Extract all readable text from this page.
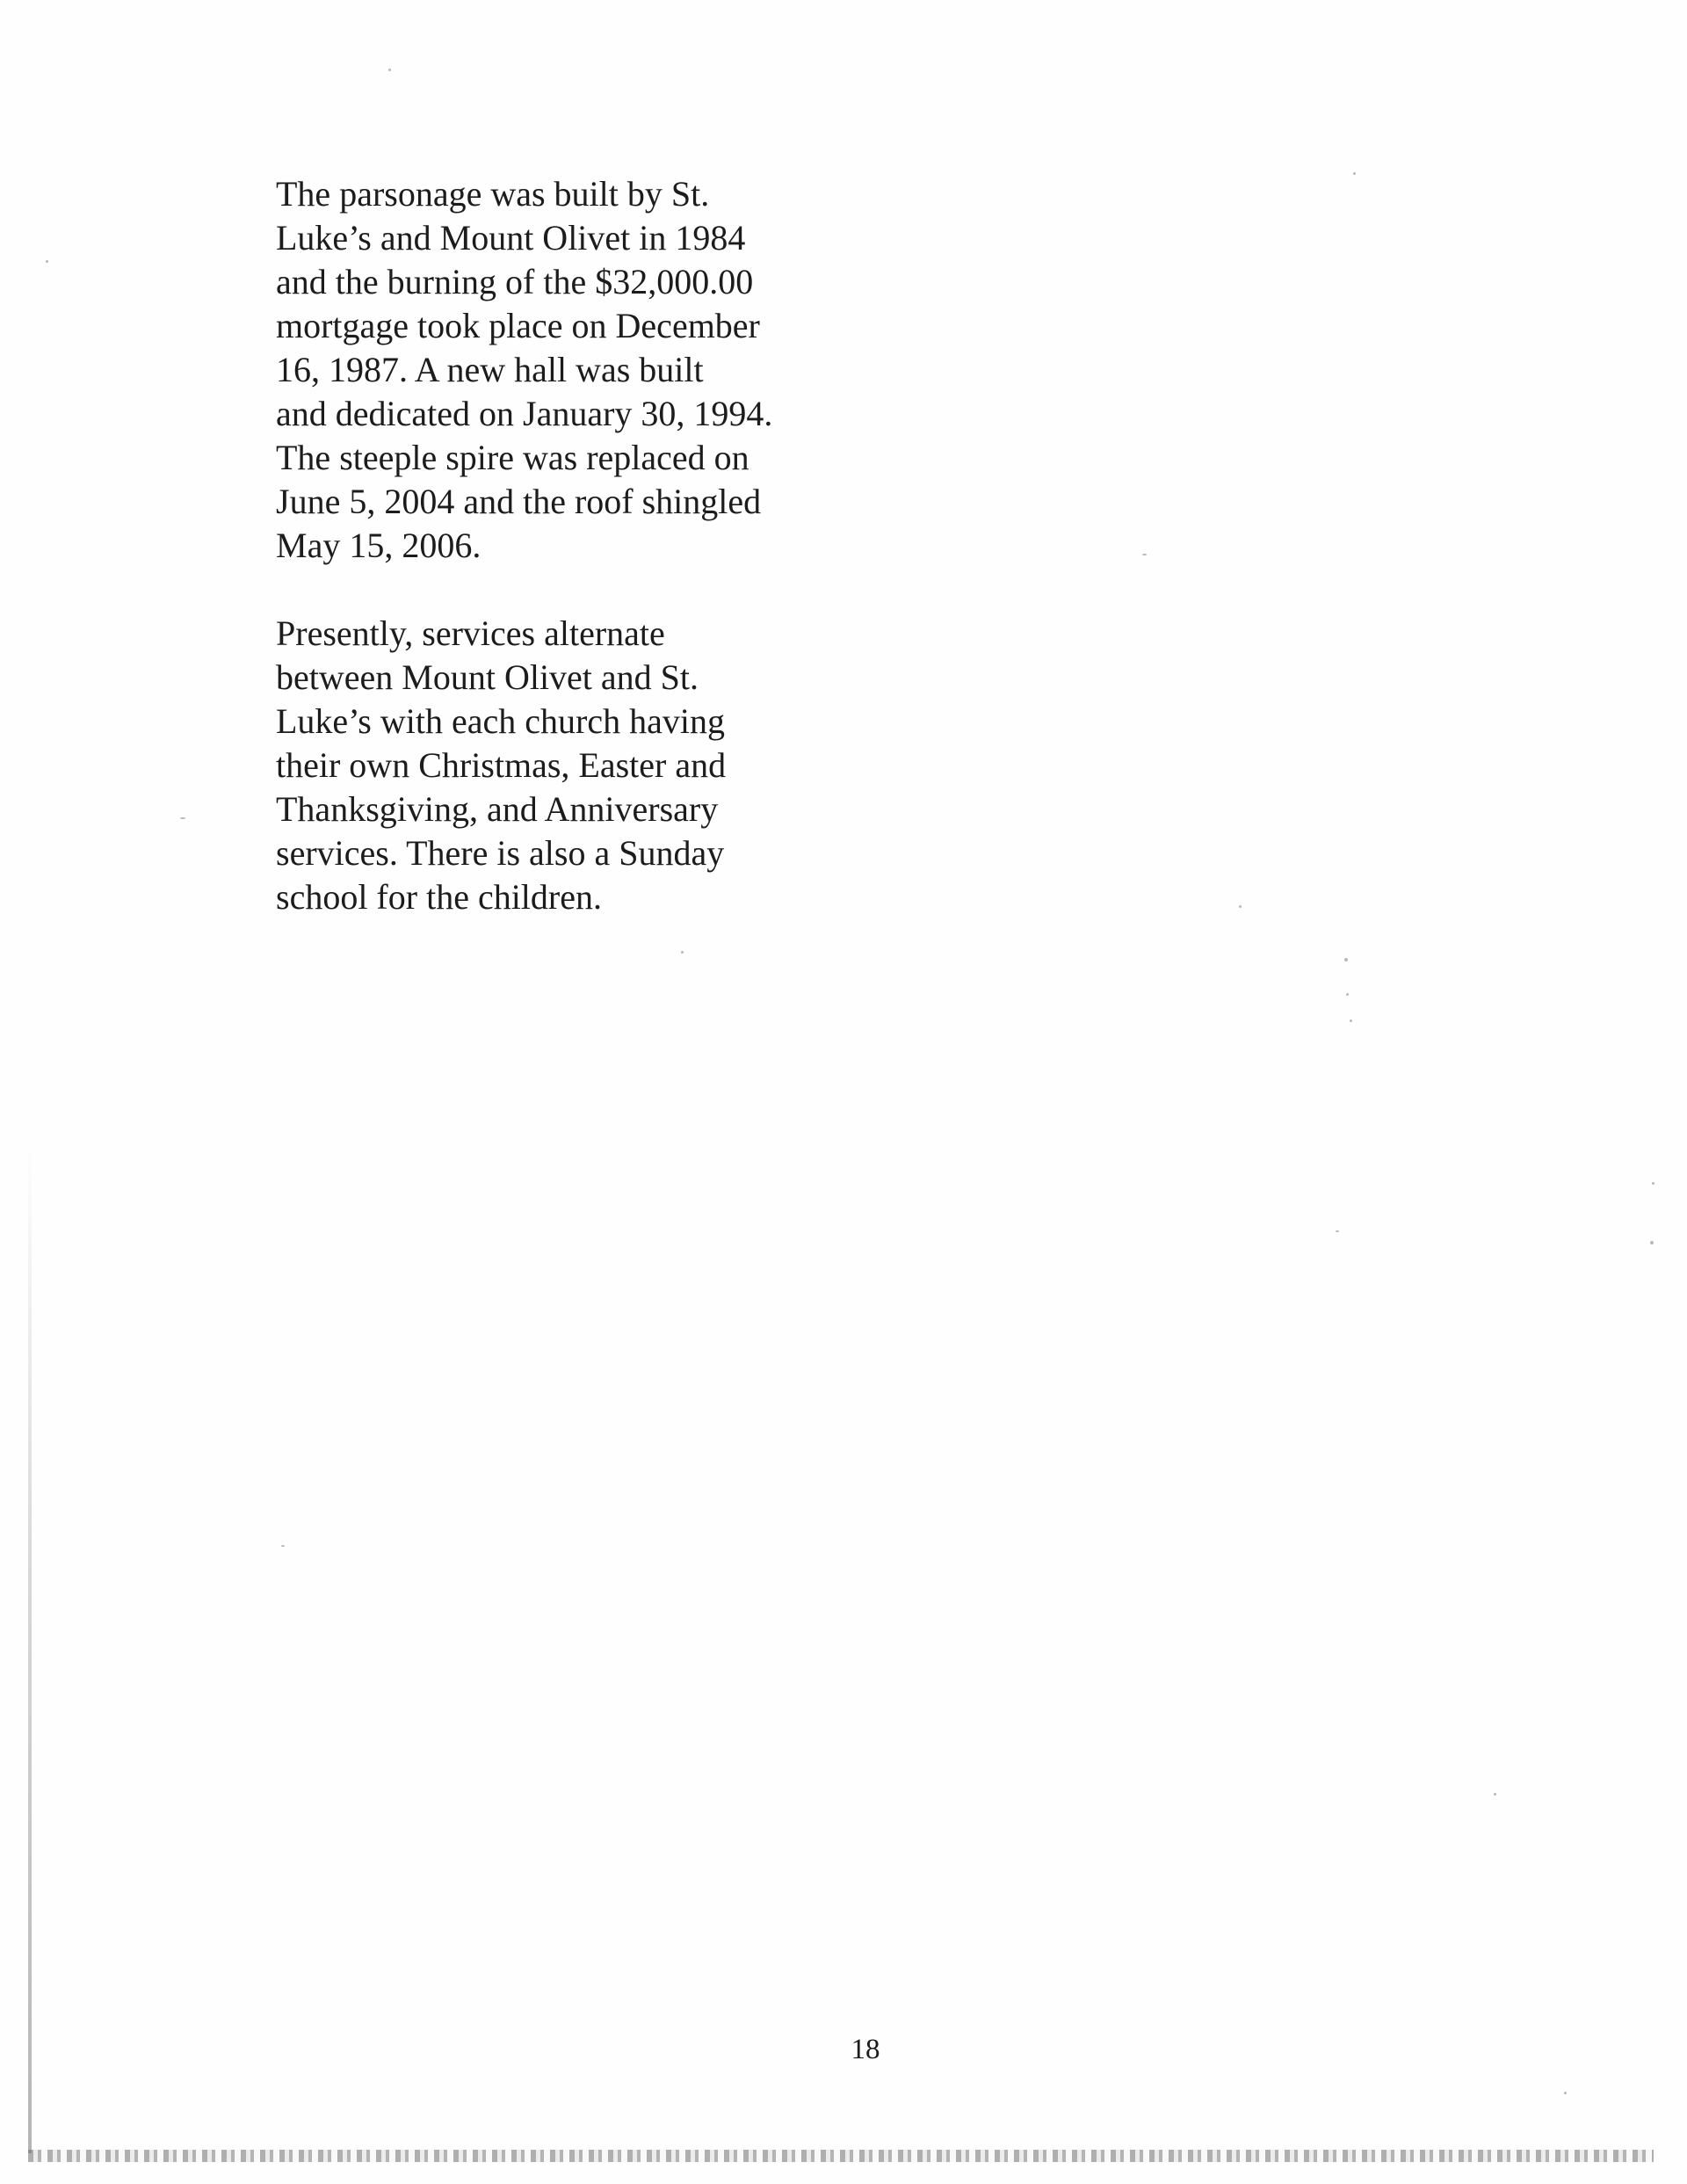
The parsonage was built by St.
Luke’s and Mount Olivet in 1984
and the burning of the $32,000.00
mortgage took place on December
16, 1987. A new hall was built
and dedicated on January 30, 1994.
The steeple spire was replaced on
June 5, 2004 and the roof shingled
May 15, 2006.
Presently, services alternate
between Mount Olivet and St.
Luke’s with each church having
their own Christmas, Easter and
Thanksgiving, and Anniversary
services. There is also a Sunday
school for the children.
18
